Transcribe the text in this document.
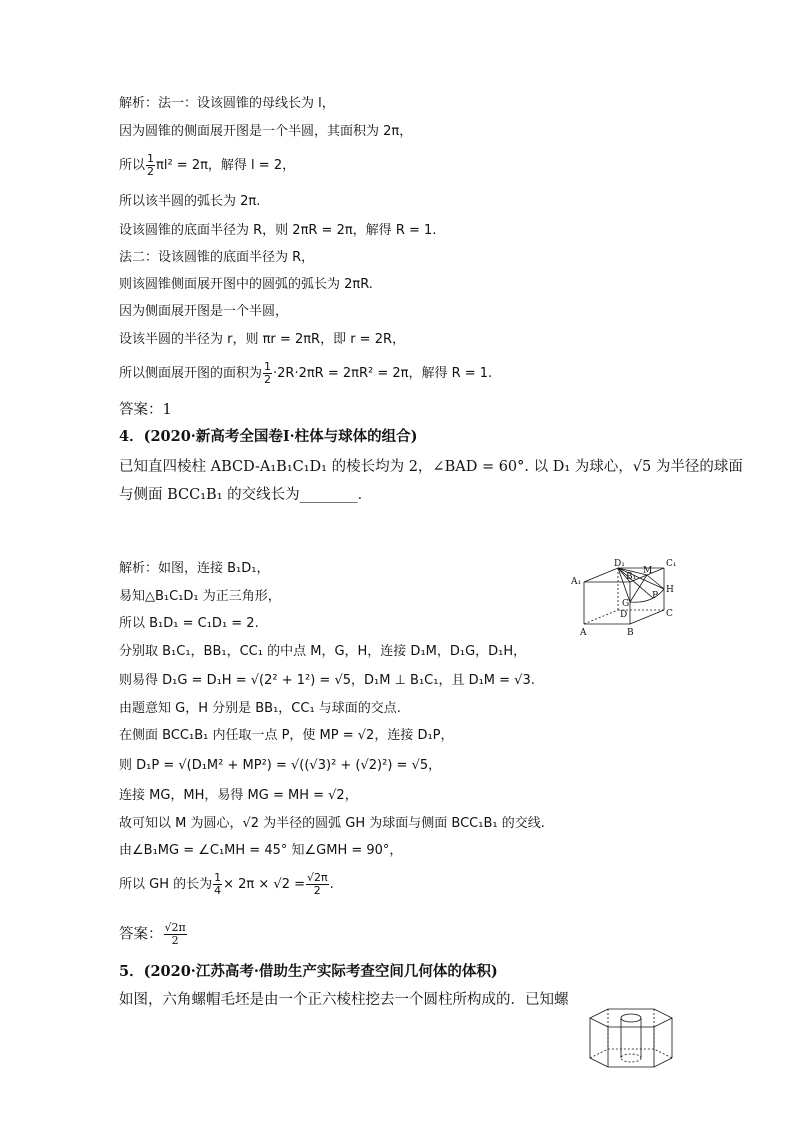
解析：法一：设该圆锥的母线长为 l，
因为圆锥的侧面展开图是一个半圆，其面积为 2π，
所以 $\frac{1}{2} \pi l^2 = 2\pi$，解得 l = 2，
所以该半圆的弧长为 2π.
设该圆锥的底面半径为 R，则 2πR = 2π，解得 R = 1.
法二：设该圆锥的底面半径为 R，
则该圆锥侧面展开图中的圆弧的弧长为 2πR.
因为侧面展开图是一个半圆，
设该半圆的半径为 r，则 πr = 2πR，即 r = 2R，
所以侧面展开图的面积为 $\frac{1}{2} \cdot 2R\cdot 2\pi R = 2\pi R^2 = 2\pi$，解得 R = 1.
答案：1
4．(2020·新高考全国卷Ⅰ·柱体与球体的组合)
已知直四棱柱 ABCD-A₁B₁C₁D₁ 的棱长均为 2，∠BAD = 60°. 以 D₁ 为球心，√5 为半径的球面
与侧面 BCC₁B₁ 的交线长为________．
解析：如图，连接 B₁D₁，
易知△B₁C₁D₁ 为正三角形，
所以 B₁D₁ = C₁D₁ = 2.
分别取 B₁C₁，BB₁，CC₁ 的中点 M，G，H，连接 D₁M，D₁G，D₁H，
则易得 D₁G = D₁H = √(2² + 1²) = √5，D₁M ⊥ B₁C₁，且 D₁M = √3.
由题意知 G，H 分别是 BB₁，CC₁ 与球面的交点.
在侧面 BCC₁B₁ 内任取一点 P，使 MP = √2，连接 D₁P，
则 D₁P = √(D₁M² + MP²) = √((√3)² + (√2)²) = √5，
连接 MG，MH，易得 MG = MH = √2，
故可知以 M 为圆心，√2 为半径的圆弧 GH 为球面与侧面 BCC₁B₁ 的交线.
由∠B₁MG = ∠C₁MH = 45° 知∠GMH = 90°，
所以 GH 的长为 $\frac{1}{4} \times 2\pi \times √2 = \frac{√2\pi}{2}$ .
答案： $\frac{√2\pi}{2}$
D₁	C₁
A₁	B₁
M
G
H
P
D	C
A	B
5．(2020·江苏高考·借助生产实际考查空间几何体的体积)
如图，六角螺帽毛坯是由一个正六棱柱挖去一个圆柱所构成的．已知螺
